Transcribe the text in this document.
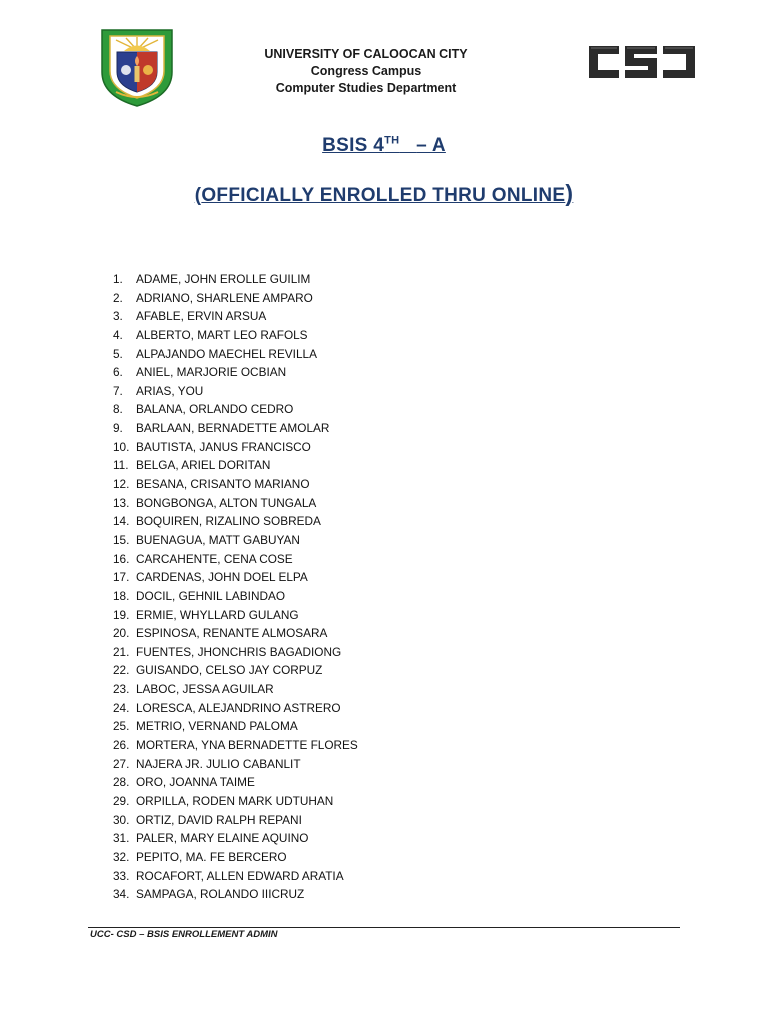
UNIVERSITY OF CALOOCAN CITY
Congress Campus
Computer Studies Department
BSIS 4TH – A
(OFFICIALLY ENROLLED THRU ONLINE)
1.	ADAME, JOHN EROLLE GUILIM
2.	ADRIANO, SHARLENE AMPARO
3.	AFABLE, ERVIN ARSUA
4.	ALBERTO, MART LEO RAFOLS
5.	ALPAJANDO MAECHEL REVILLA
6.	ANIEL, MARJORIE OCBIAN
7.	ARIAS, YOU
8.	BALANA, ORLANDO CEDRO
9.	BARLAAN, BERNADETTE AMOLAR
10. BAUTISTA, JANUS FRANCISCO
11. BELGA, ARIEL DORITAN
12. BESANA, CRISANTO MARIANO
13. BONGBONGA, ALTON TUNGALA
14. BOQUIREN, RIZALINO SOBREDA
15. BUENAGUA, MATT GABUYAN
16. CARCAHENTE, CENA COSE
17. CARDENAS, JOHN DOEL ELPA
18. DOCIL, GEHNIL LABINDAO
19. ERMIE, WHYLLARD GULANG
20. ESPINOSA, RENANTE ALMOSARA
21. FUENTES, JHONCHRIS BAGADIONG
22. GUISANDO, CELSO JAY CORPUZ
23. LABOC, JESSA AGUILAR
24. LORESCA, ALEJANDRINO ASTRERO
25. METRIO, VERNAND PALOMA
26. MORTERA, YNA BERNADETTE FLORES
27. NAJERA JR. JULIO CABANLIT
28. ORO, JOANNA TAIME
29. ORPILLA, RODEN MARK UDTUHAN
30. ORTIZ, DAVID RALPH REPANI
31. PALER, MARY ELAINE AQUINO
32. PEPITO, MA. FE BERCERO
33. ROCAFORT, ALLEN EDWARD ARATIA
34. SAMPAGA, ROLANDO IIICRUZ
UCC- CSD – BSIS ENROLLEMENT ADMIN
